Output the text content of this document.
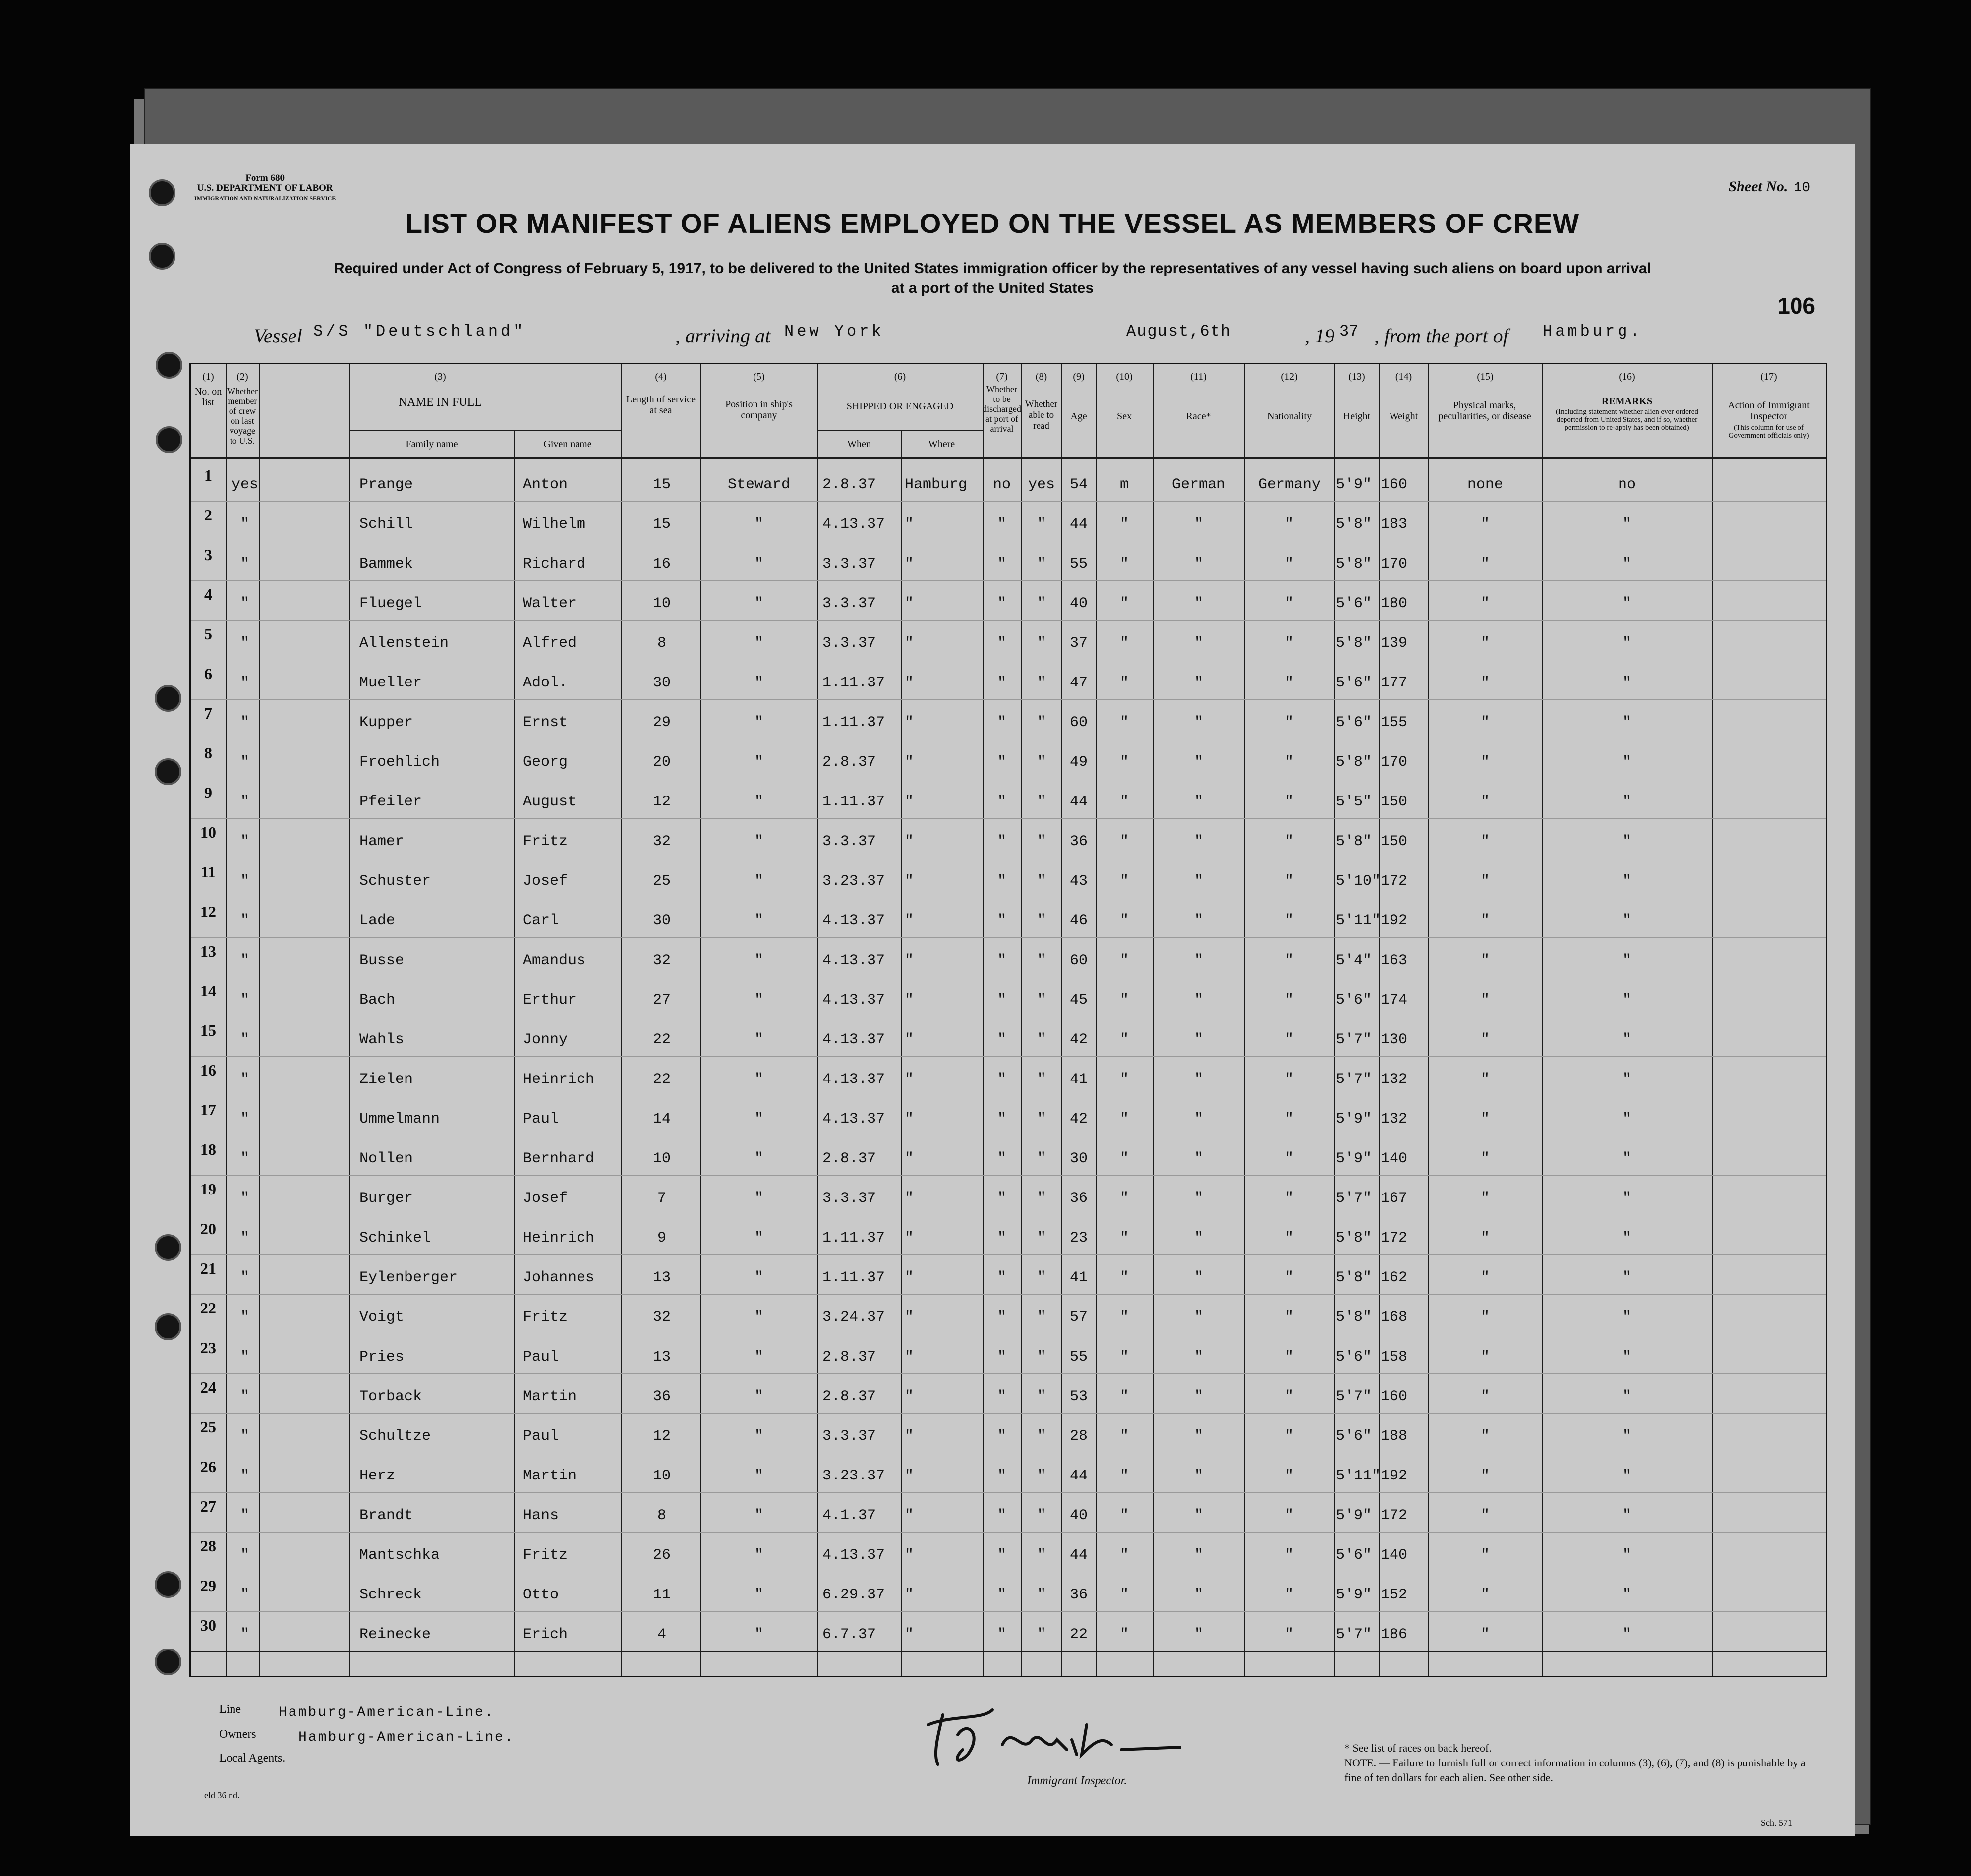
Form 680
U.S. DEPARTMENT OF LABOR
IMMIGRATION AND NATURALIZATION SERVICE
Sheet No. 10
LIST OR MANIFEST OF ALIENS EMPLOYED ON THE VESSEL AS MEMBERS OF CREW
Required under Act of Congress of February 5, 1917, to be delivered to the United States immigration officer by the representatives of any vessel having such aliens on board upon arrival
at a port of the United States
106
Vessel S/S "Deutschland"	, arriving at New York	August,6th	, 19 37 , from the port of Hamburg.
(1)
No. on list
(2)
Whether member of crew on last voyage to U.S.
(3)
NAME IN FULL
Family name	Given name
(4)
Length of service at sea
(5)
Position in ship's company
(6)
SHIPPED OR ENGAGED
When	Where
(7)
Whether to be discharged at port of arrival
(8)
Whether able to read
(9)
Age
(10)
Sex
(11)
Race*
(12)
Nationality
(13)
Height
(14)
Weight
(15)
Physical marks, peculiarities, or disease
(16)
REMARKS
(Including statement whether alien ever ordered deported from United States, and if so, whether permission to re-apply has been obtained)
(17)
Action of Immigrant Inspector
(This column for use of Government officials only)
1
yes	Prange	Anton	15	Steward	2.8.37	Hamburg	no	yes 54	m	German	Germany	5'9" 160	none	no
2
"	Schill	Wilhelm	15	"	4.13.37	"	"	"	44	"	"	"	5'8" 183	"	"
3
"	Bammek	Richard	16	"	3.3.37	"	"	"	55	"	"	"	5'8" 170	"	"
4
"	Fluegel	Walter	10	"	3.3.37	"	"	"	40	"	"	"	5'6" 180	"	"
5
"	Allenstein	Alfred	8	"	3.3.37	"	"	"	37	"	"	"	5'8" 139	"	"
6
"	Mueller	Adol.	30	"	1.11.37	"	"	"	47	"	"	"	5'6" 177	"	"
7
"	Kupper	Ernst	29	"	1.11.37	"	"	"	60	"	"	"	5'6" 155	"	"
8
"	Froehlich	Georg	20	"	2.8.37	"	"	"	49	"	"	"	5'8" 170	"	"
9
"	Pfeiler	August	12	"	1.11.37	"	"	"	44	"	"	"	5'5" 150	"	"
10
"	Hamer	Fritz	32	"	3.3.37	"	"	"	36	"	"	"	5'8" 150	"	"
11
"	Schuster	Josef	25	"	3.23.37	"	"	"	43	"	"	"	5'10" 172	"	"
12
"	Lade	Carl	30	"	4.13.37	"	"	"	46	"	"	"	5'11" 192	"	"
13
"	Busse	Amandus	32	"	4.13.37	"	"	"	60	"	"	"	5'4" 163	"	"
14
"	Bach	Erthur	27	"	4.13.37	"	"	"	45	"	"	"	5'6" 174	"	"
15
"	Wahls	Jonny	22	"	4.13.37	"	"	"	42	"	"	"	5'7" 130	"	"
16
"	Zielen	Heinrich	22	"	4.13.37	"	"	"	41	"	"	"	5'7" 132	"	"
17
"	Ummelmann	Paul	14	"	4.13.37	"	"	"	42	"	"	"	5'9" 132	"	"
18
"	Nollen	Bernhard	10	"	2.8.37	"	"	"	30	"	"	"	5'9" 140	"	"
19
"	Burger	Josef	7	"	3.3.37	"	"	"	36	"	"	"	5'7" 167	"	"
20
"	Schinkel	Heinrich	9	"	1.11.37	"	"	"	23	"	"	"	5'8" 172	"	"
21
"	Eylenberger	Johannes	13	"	1.11.37	"	"	"	41	"	"	"	5'8" 162	"	"
22
"	Voigt	Fritz	32	"	3.24.37	"	"	"	57	"	"	"	5'8" 168	"	"
23
"	Pries	Paul	13	"	2.8.37	"	"	"	55	"	"	"	5'6" 158	"	"
24
"	Torback	Martin	36	"	2.8.37	"	"	"	53	"	"	"	5'7" 160	"	"
25
"	Schultze	Paul	12	"	3.3.37	"	"	"	28	"	"	"	5'6" 188	"	"
26
"	Herz	Martin	10	"	3.23.37	"	"	"	44	"	"	"	5'11" 192	"	"
27
"	Brandt	Hans	8	"	4.1.37	"	"	"	40	"	"	"	5'9" 172	"	"
28
"	Mantschka	Fritz	26	"	4.13.37	"	"	"	44	"	"	"	5'6" 140	"	"
29
"	Schreck	Otto	11	"	6.29.37	"	"	"	36	"	"	"	5'9" 152	"	"
30
"	Reinecke	Erich	4	"	6.7.37	"	"	"	22	"	"	"	5'7" 186	"	"
Line	Hamburg-American-Line.
Owners	Hamburg-American-Line.
Local Agents.
Immigrant Inspector.
* See list of races on back hereof.
NOTE. — Failure to furnish full or correct information in columns (3), (6), (7), and (8) is punishable by a fine of ten dollars for each alien. See other side.
eld 36 nd.
Sch. 571
